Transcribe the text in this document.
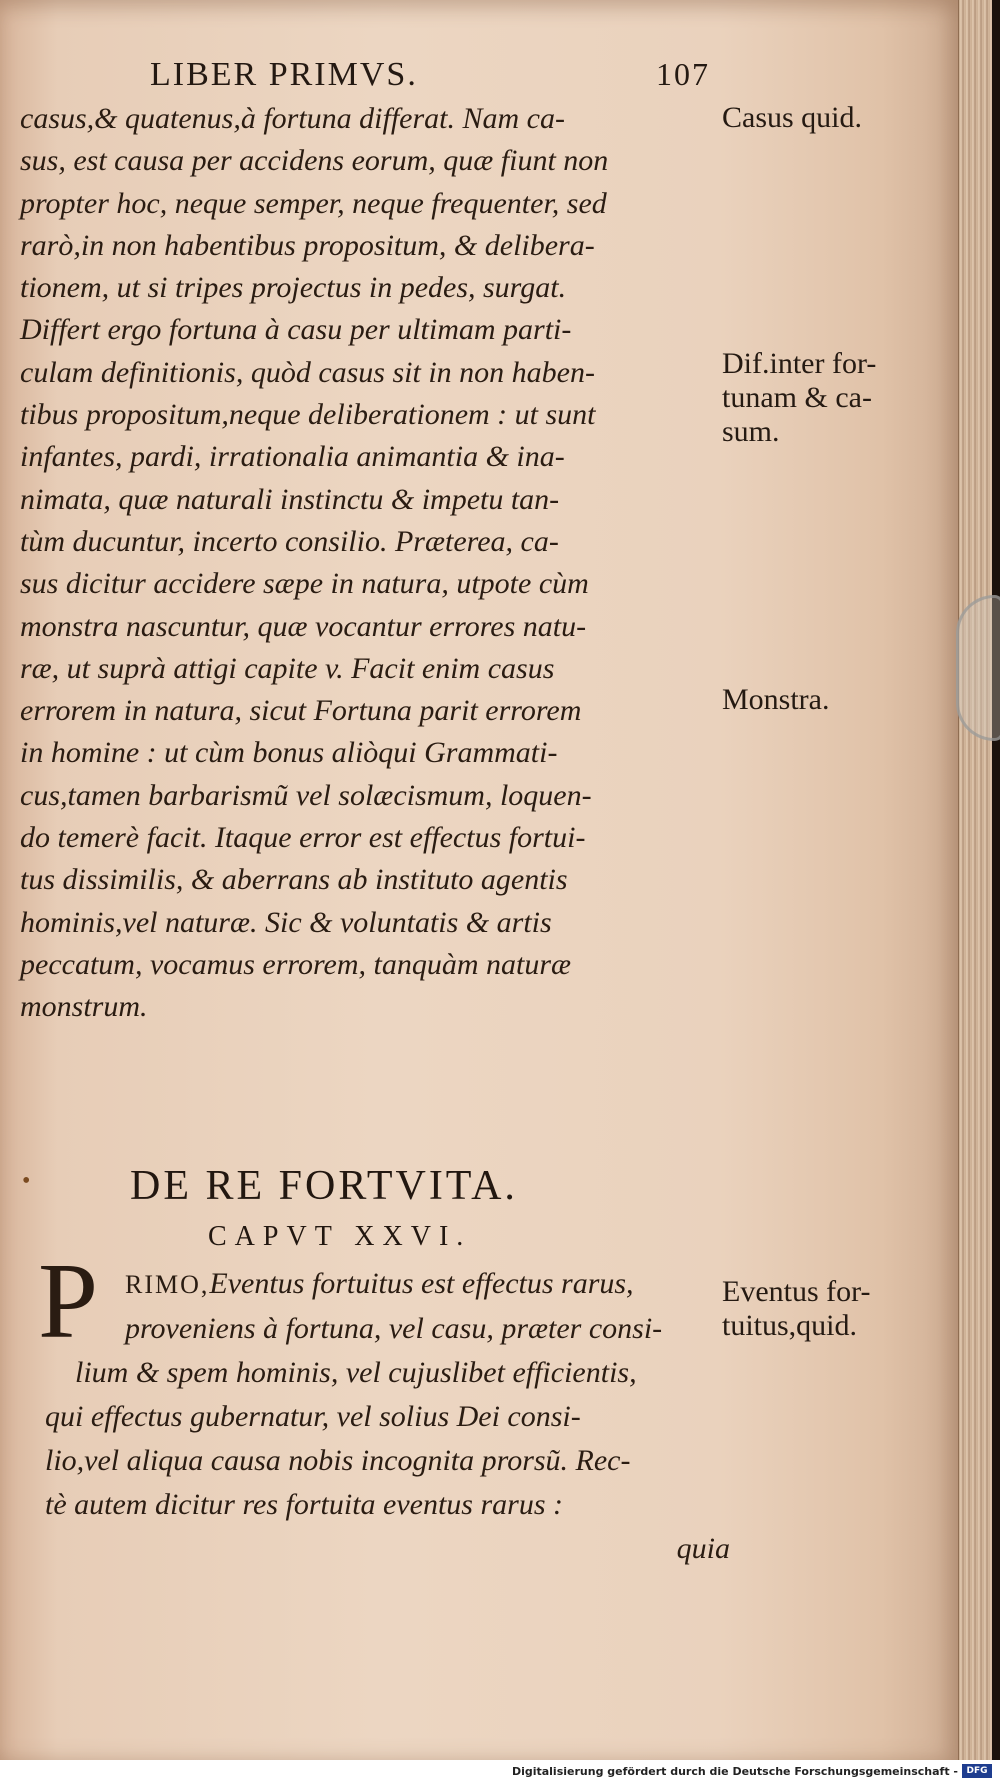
LIBER PRIMVS.	107
casus,& quatenus,à fortuna differat. Nam ca-
sus, est causa per accidens eorum, quæ fiunt non
propter hoc, neque semper, neque frequenter, sed
rarò,in non habentibus propositum, & delibera-
tionem, ut si tripes projectus in pedes, surgat.
Differt ergo fortuna à casu per ultimam parti-
culam definitionis, quòd casus sit in non haben-
tibus propositum,neque deliberationem : ut sunt
infantes, pardi, irrationalia animantia & ina-
nimata, quæ naturali instinctu & impetu tan-
tùm ducuntur, incerto consilio. Præterea, ca-
sus dicitur accidere sæpe in natura, utpote cùm
monstra nascuntur, quæ vocantur errores natu-
ræ, ut suprà attigi capite v. Facit enim casus
errorem in natura, sicut Fortuna parit errorem
in homine : ut cùm bonus aliòqui Grammati-
cus,tamen barbarismũ vel solæcismum, loquen-
do temerè facit. Itaque error est effectus fortui-
tus dissimilis, & aberrans ab instituto agentis
hominis,vel naturæ. Sic & voluntatis & artis
peccatum, vocamus errorem, tanquàm naturæ
monstrum.
• DE RE FORTVITA.
CAPVT XXVI.
P	RIMO,Eventus fortuitus est effectus rarus,
proveniens à fortuna, vel casu, præter consi-
lium & spem hominis, vel cujuslibet efficientis,
qui effectus gubernatur, vel solius Dei consi-
lio,vel aliqua causa nobis incognita prorsũ. Rec-
tè autem dicitur res fortuita eventus rarus :
quia
Casus quid.
Dif.inter for-
tunam & ca-
sum.
Monstra.
Eventus for-
tuitus,quid.
Digitalisierung gefördert durch die Deutsche Forschungsgemeinschaft - DFG
